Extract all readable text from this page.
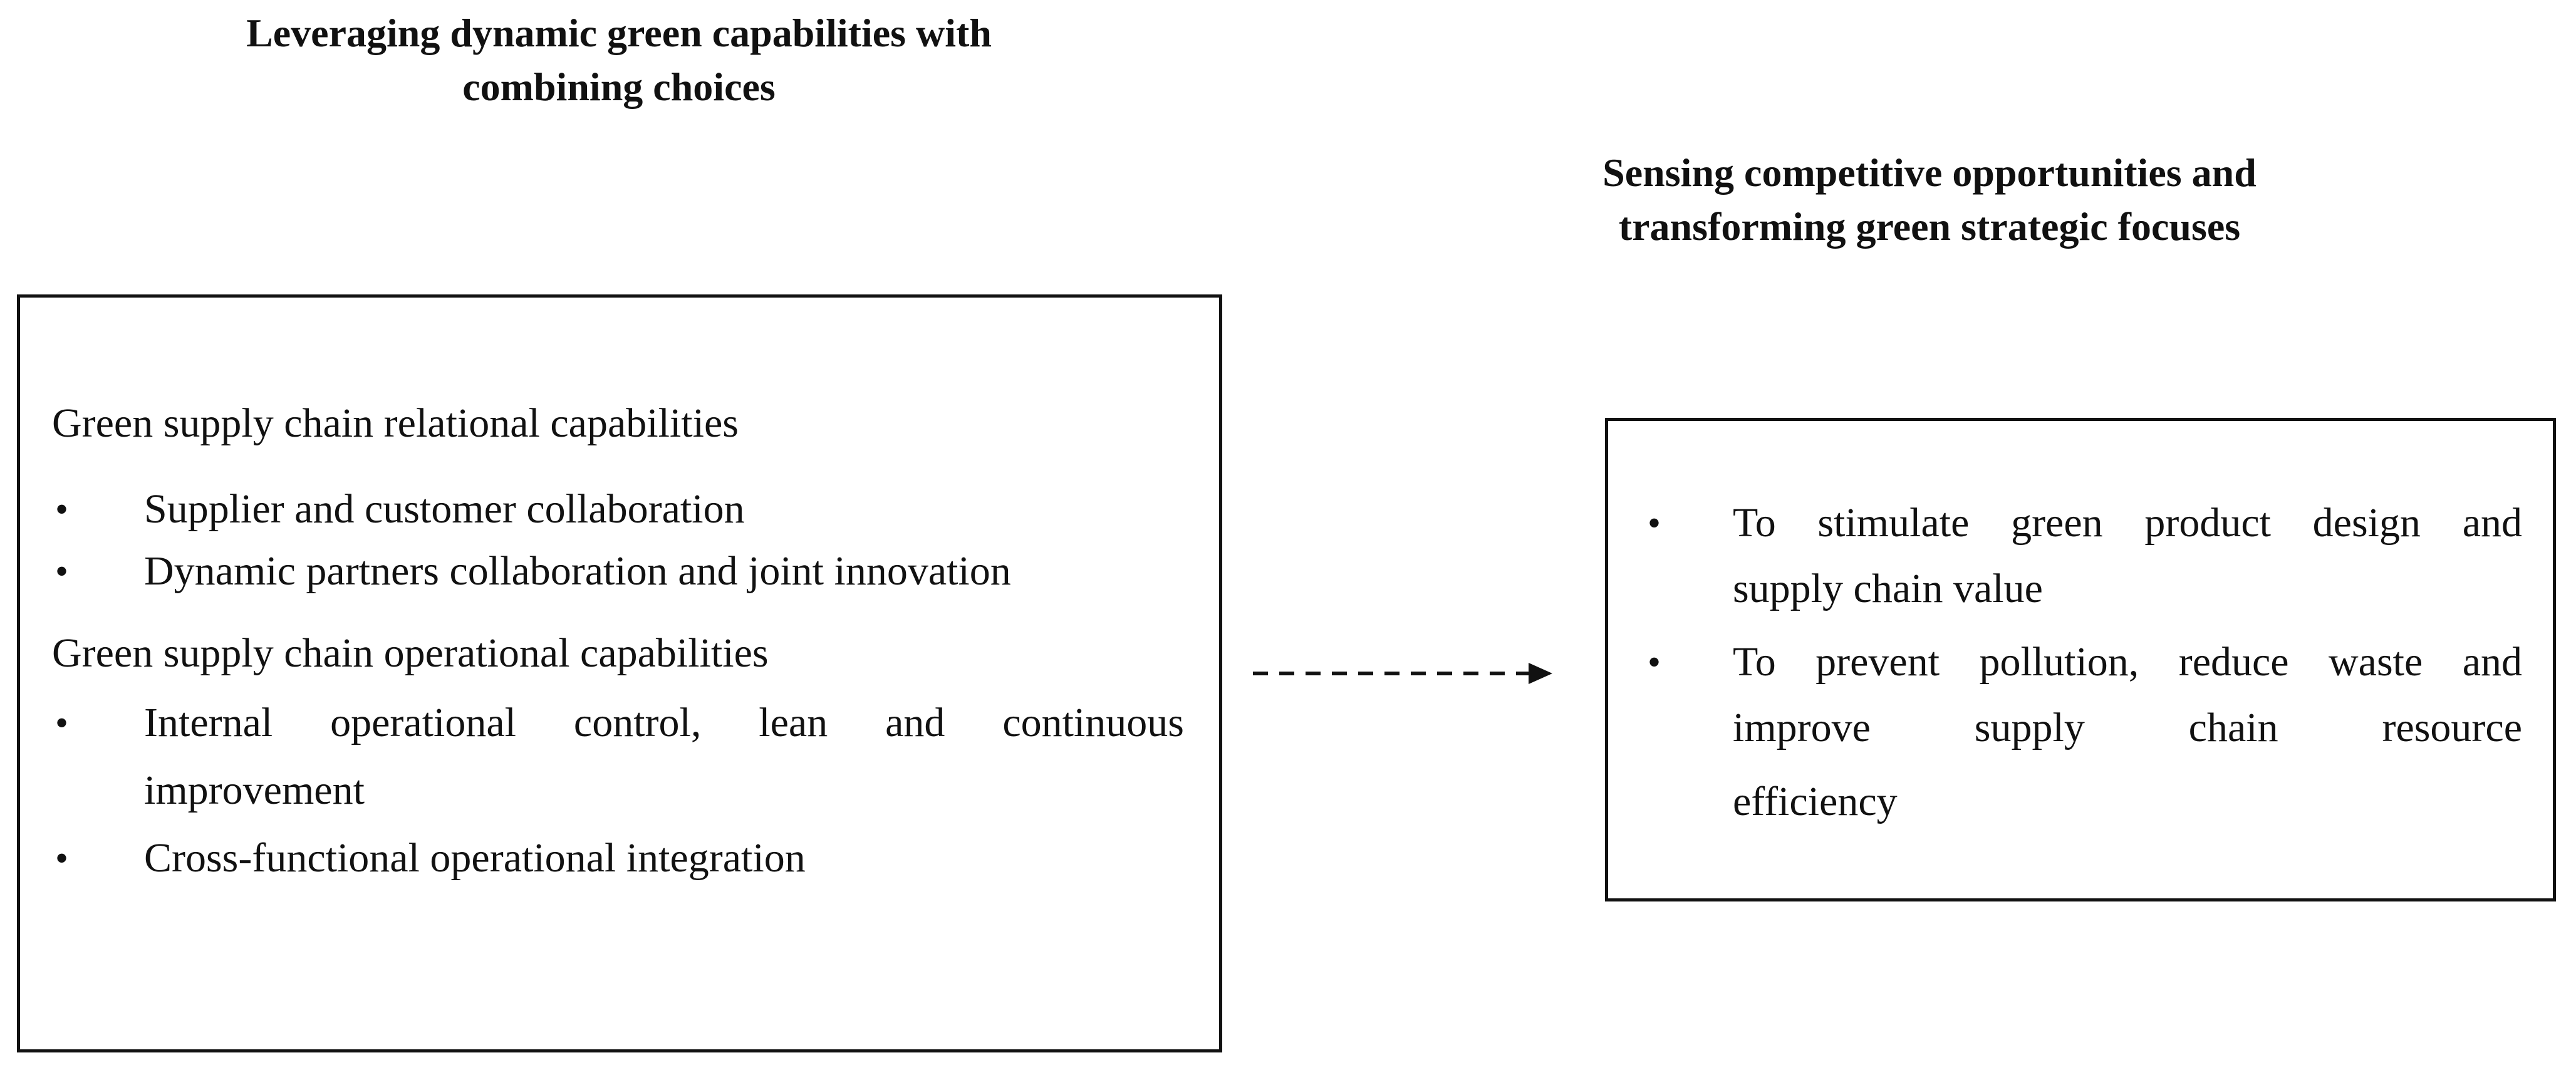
Leveraging dynamic green capabilities with
combining choices
Sensing competitive opportunities and
transforming green strategic focuses
Green supply chain relational capabilities
• Supplier and customer collaboration
• Dynamic partners collaboration and joint innovation
Green supply chain operational capabilities
• Internal operational control, lean and continuous
improvement
• Cross-functional operational integration
• To stimulate green product design and
supply chain value
• To prevent pollution, reduce waste and
improve supply chain resource
efficiency
